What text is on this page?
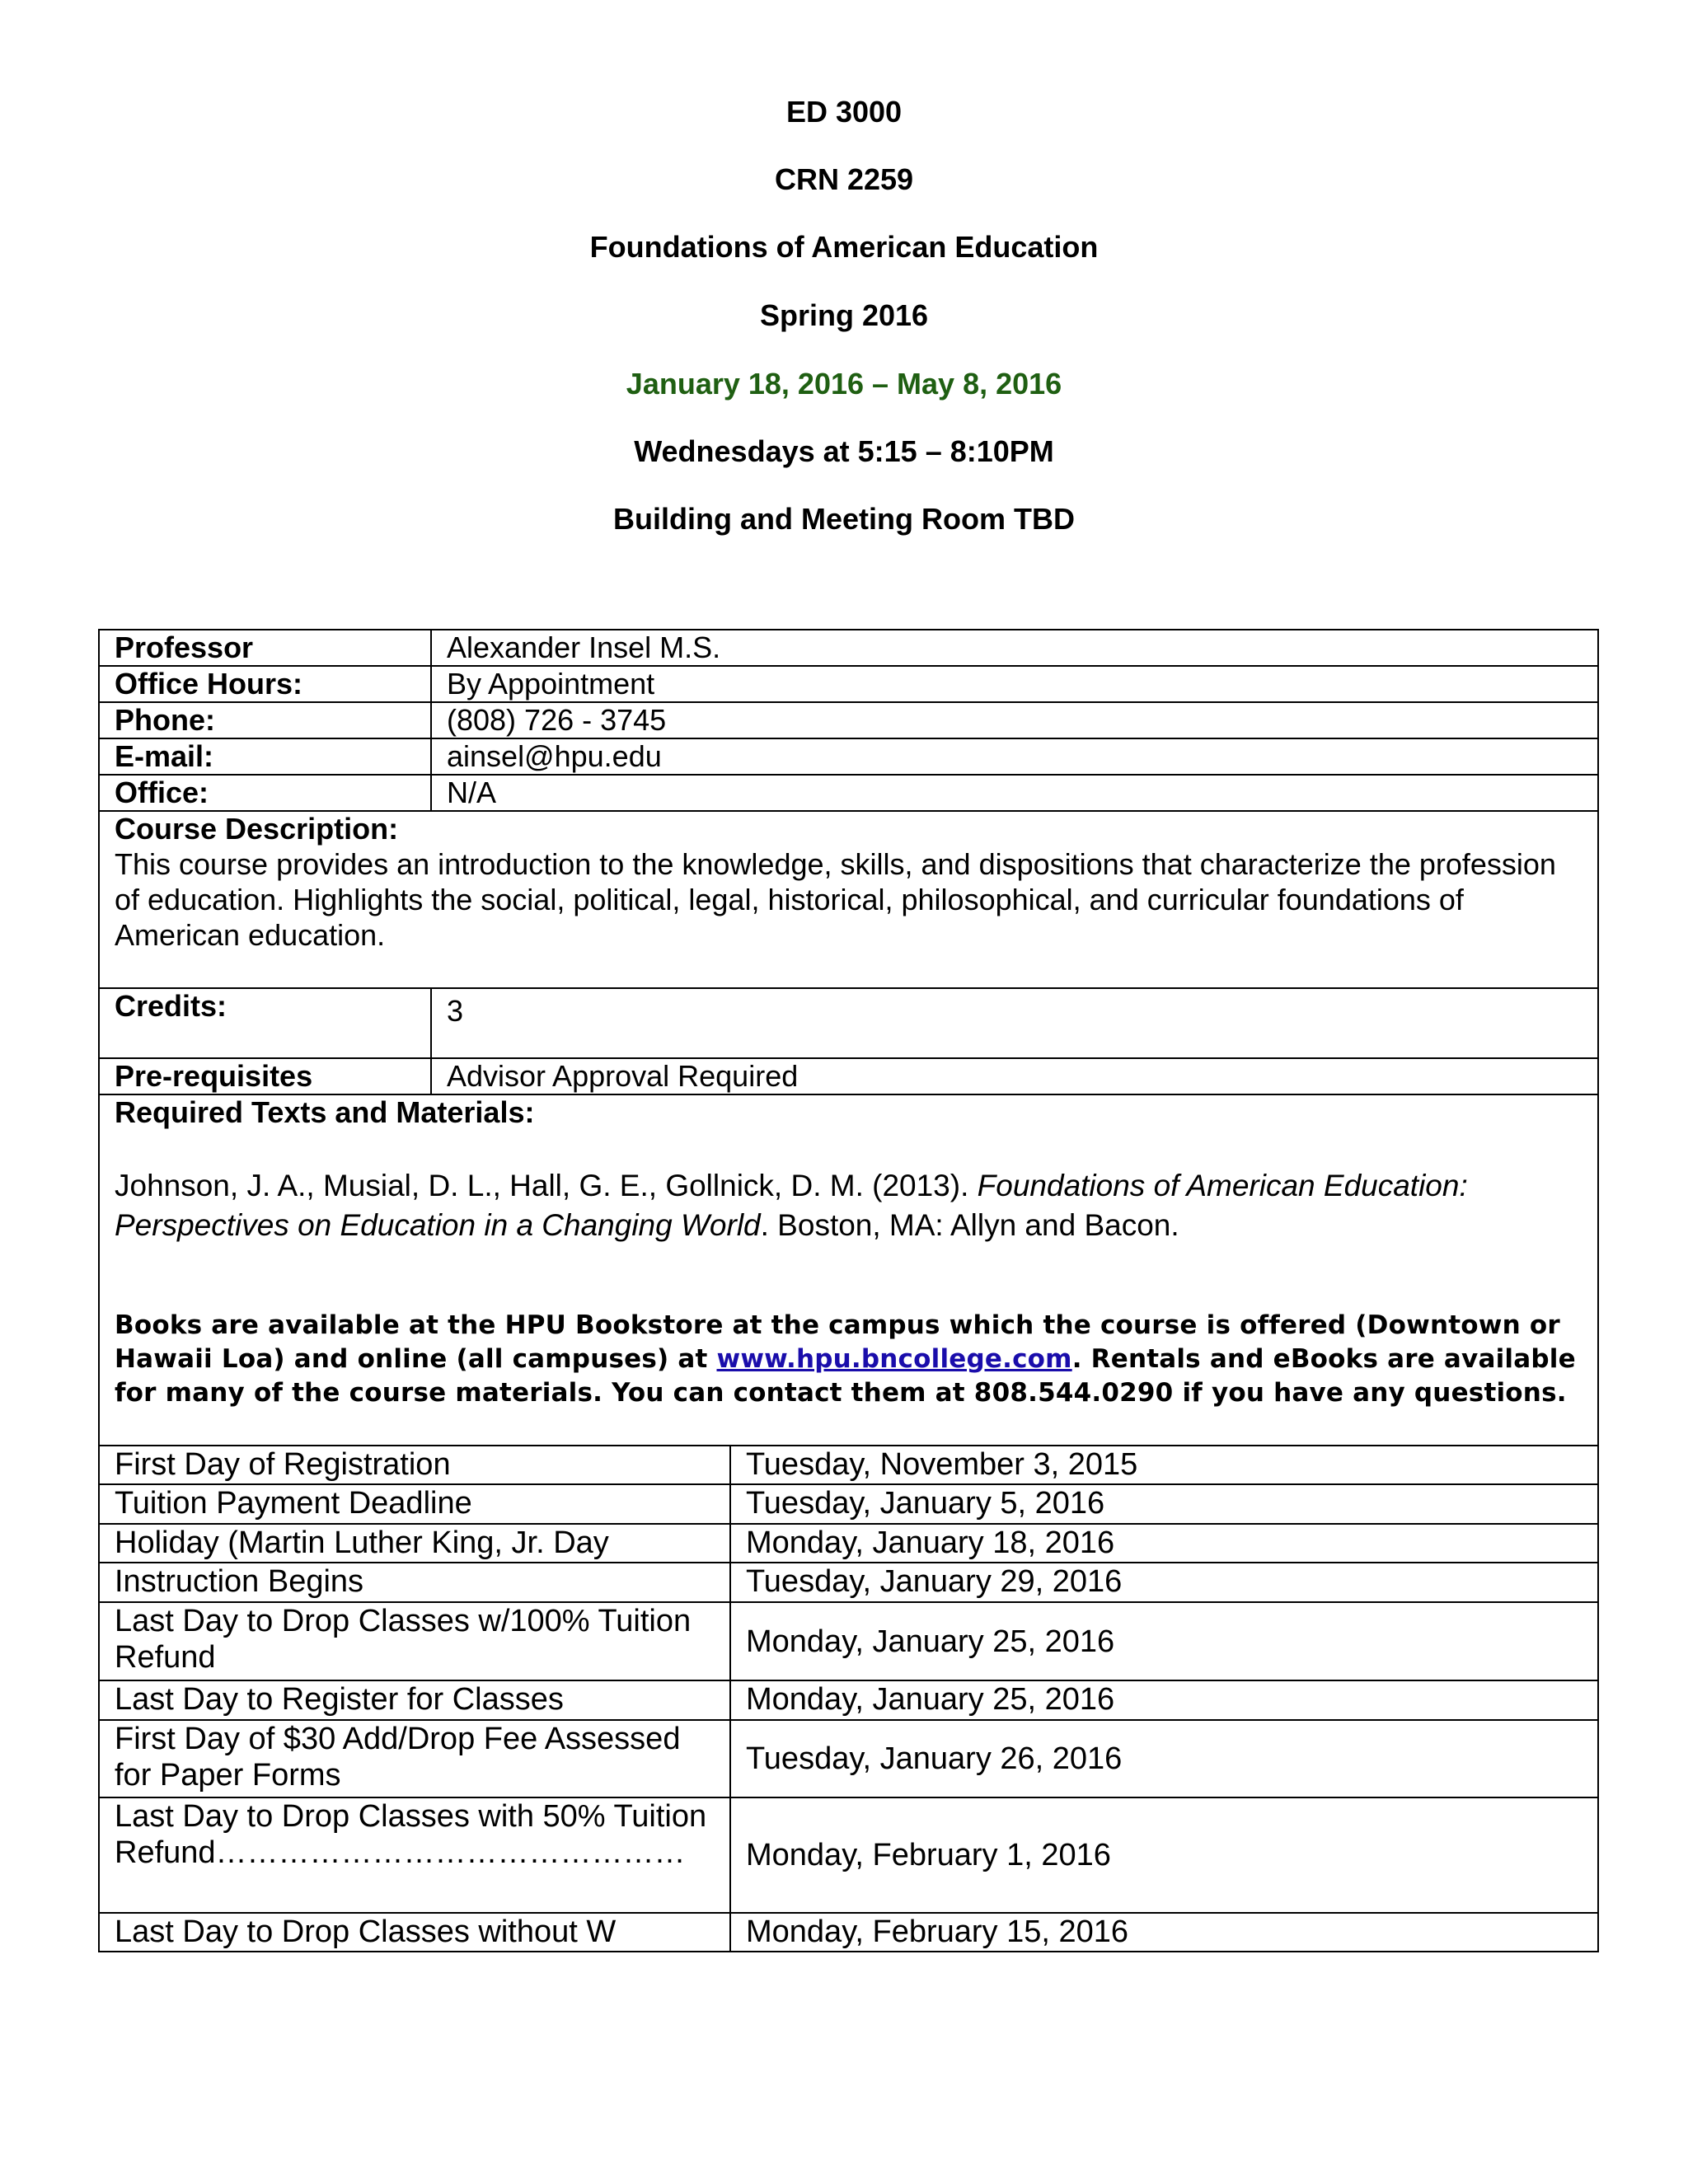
ED 3000
CRN 2259
Foundations of American Education
Spring 2016
January 18, 2016 – May 8, 2016
Wednesdays at 5:15 – 8:10PM
Building and Meeting Room TBD
Professor	Alexander Insel M.S.
Office Hours:	By Appointment
Phone:	(808) 726 - 3745
E-mail:	ainsel@hpu.edu
Office:	N/A

Course Description:
This course provides an introduction to the knowledge, skills, and dispositions that characterize the profession of education. Highlights the social, political, legal, historical, philosophical, and curricular foundations of American education.	

Credits:	3
Pre-requisites	Advisor Approval Required

Required Texts and Materials:
Johnson, J. A., Musial, D. L., Hall, G. E., Gollnick, D. M. (2013). Foundations of American Education: Perspectives on Education in a Changing World. Boston, MA: Allyn and Bacon.
Books are available at the HPU Bookstore at the campus which the course is offered (Downtown or Hawaii Loa) and online (all campuses) at www.hpu.bncollege.com. Rentals and eBooks are available for many of the course materials. You can contact them at 808.544.0290 if you have any questions.	
First Day of Registration	Tuesday, November 3, 2015
Tuition Payment Deadline	Tuesday, January 5, 2016
Holiday (Martin Luther King, Jr. Day	Monday, January 18, 2016
Instruction Begins	Tuesday, January 29, 2016
Last Day to Drop Classes w/100% Tuition Refund	Monday, January 25, 2016
Last Day to Register for Classes	Monday, January 25, 2016
First Day of $30 Add/Drop Fee Assessed for Paper Forms	Tuesday, January 26, 2016
Last Day to Drop Classes with 50% Tuition Refund………………………………………	Monday, February 1, 2016
Last Day to Drop Classes without W	Monday, February 15, 2016
